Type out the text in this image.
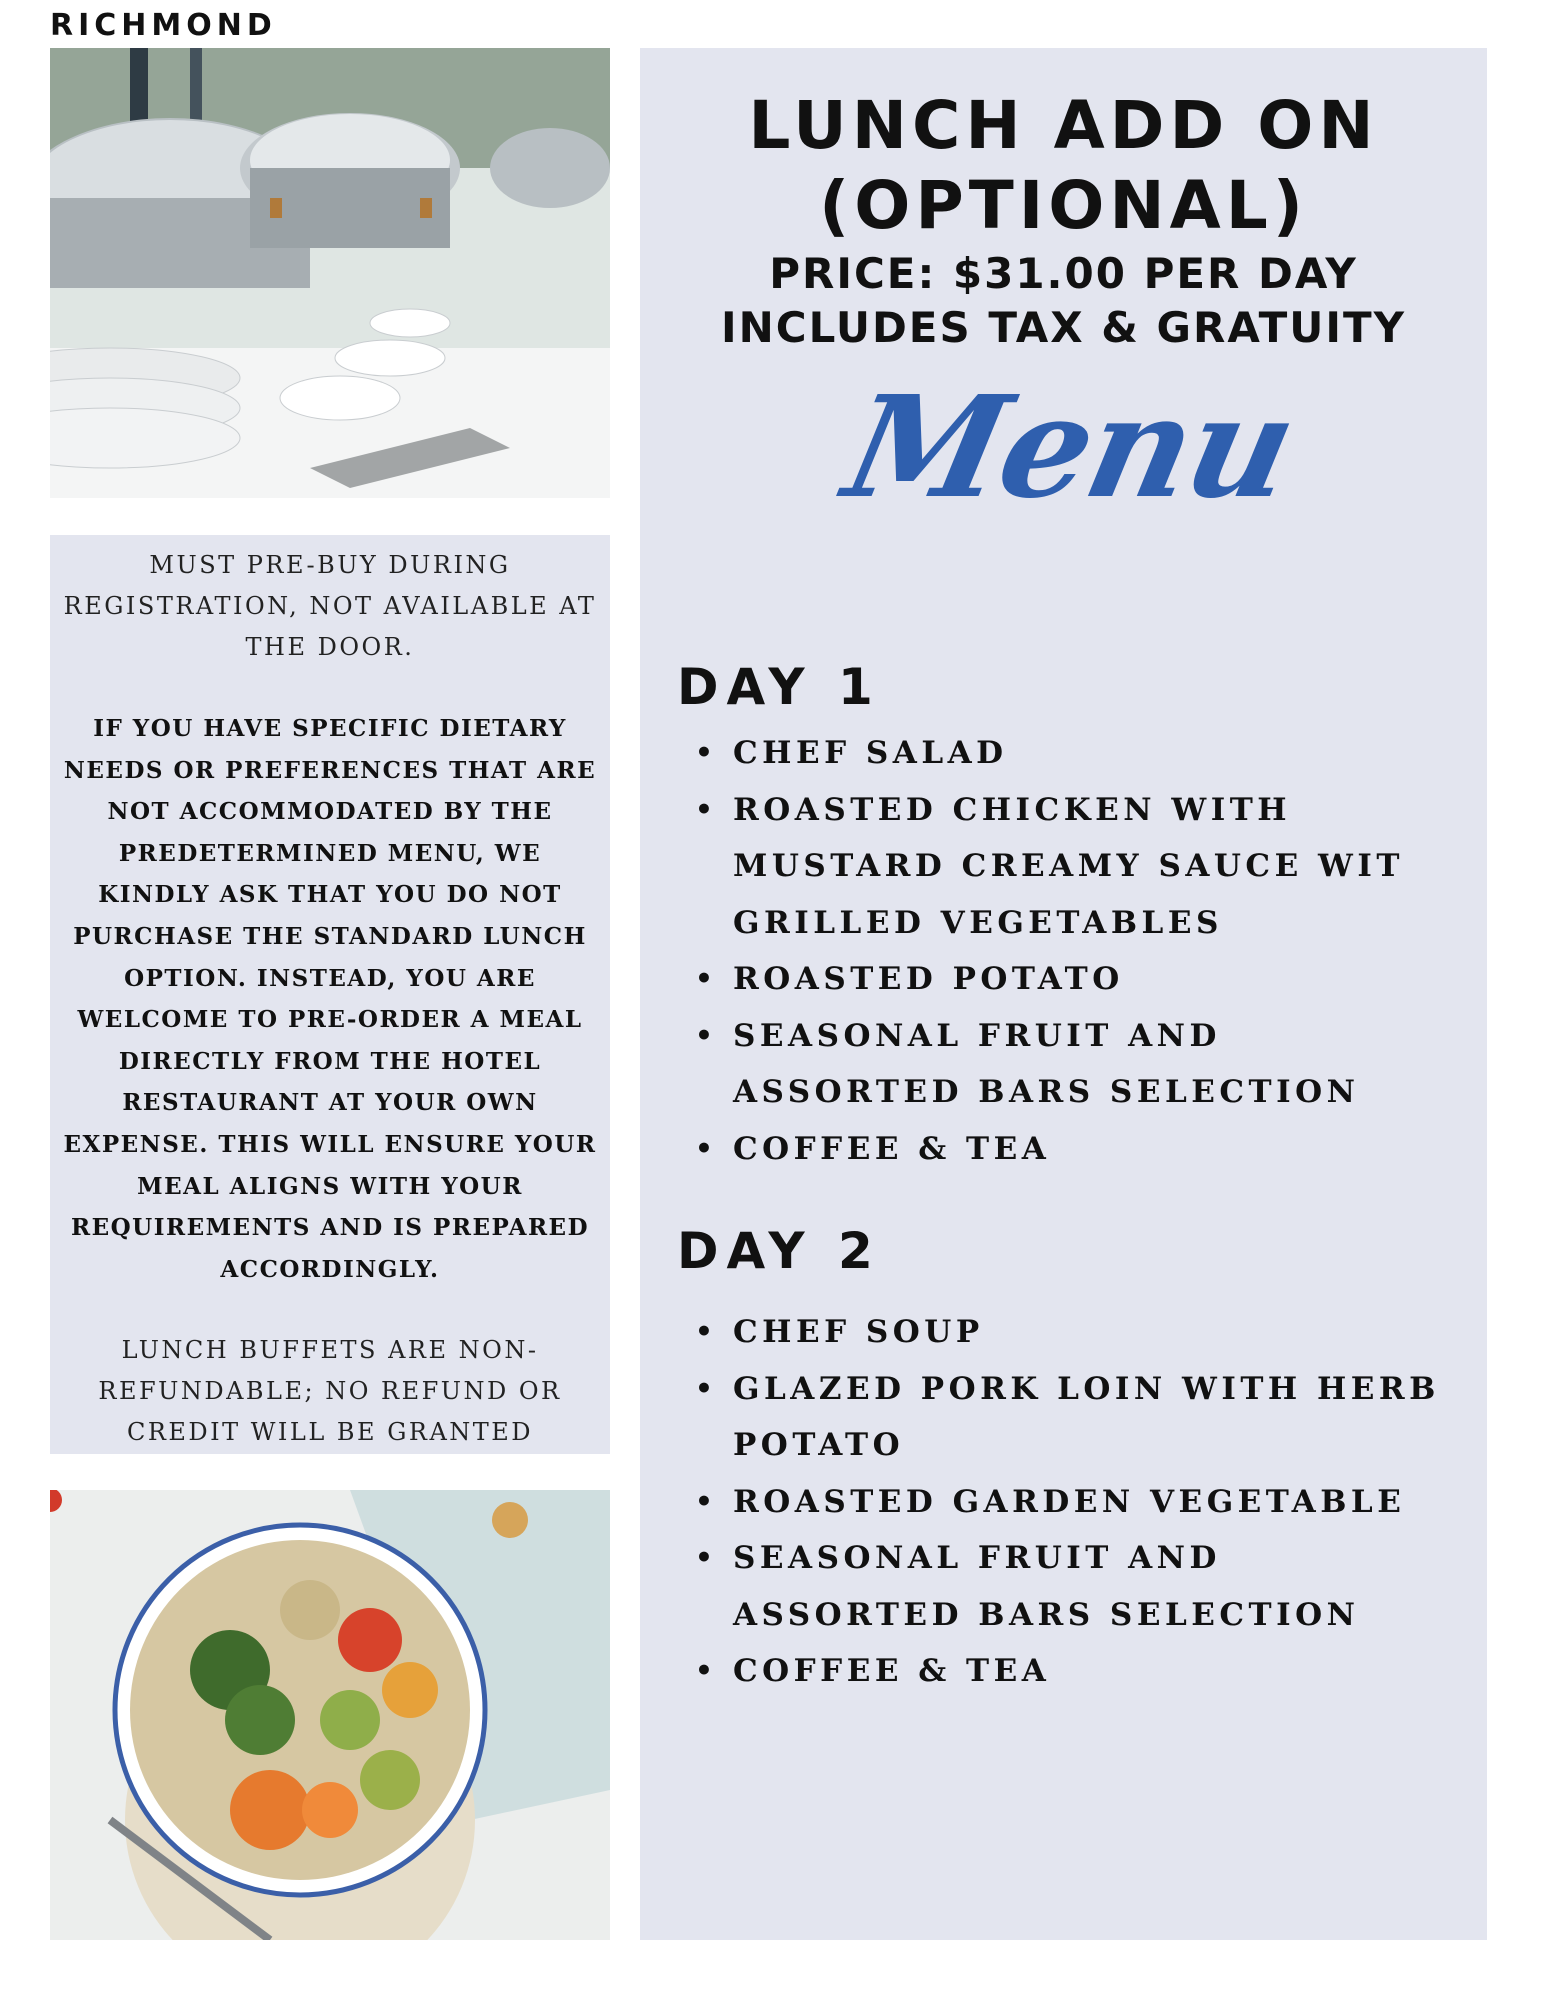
RICHMOND

MUST PRE-BUY DURING REGISTRATION, NOT AVAILABLE AT THE DOOR.

IF YOU HAVE SPECIFIC DIETARY NEEDS OR PREFERENCES THAT ARE NOT ACCOMMODATED BY THE PREDETERMINED MENU, WE KINDLY ASK THAT YOU DO NOT PURCHASE THE STANDARD LUNCH OPTION. INSTEAD, YOU ARE WELCOME TO PRE-ORDER A MEAL DIRECTLY FROM THE HOTEL RESTAURANT AT YOUR OWN EXPENSE. THIS WILL ENSURE YOUR MEAL ALIGNS WITH YOUR REQUIREMENTS AND IS PREPARED ACCORDINGLY.

LUNCH BUFFETS ARE NON-REFUNDABLE; NO REFUND OR CREDIT WILL BE GRANTED

LUNCH ADD ON
(OPTIONAL)
PRICE: $31.00 PER DAY
INCLUDES TAX & GRATUITY
Menu
DAY 1
• CHEF SALAD
• ROASTED CHICKEN WITH MUSTARD CREAMY SAUCE WIT GRILLED VEGETABLES
• ROASTED POTATO
• SEASONAL FRUIT AND ASSORTED BARS SELECTION
• COFFEE & TEA
DAY 2
• CHEF SOUP
• GLAZED PORK LOIN WITH HERB POTATO
• ROASTED GARDEN VEGETABLE
• SEASONAL FRUIT AND ASSORTED BARS SELECTION
• COFFEE & TEA
